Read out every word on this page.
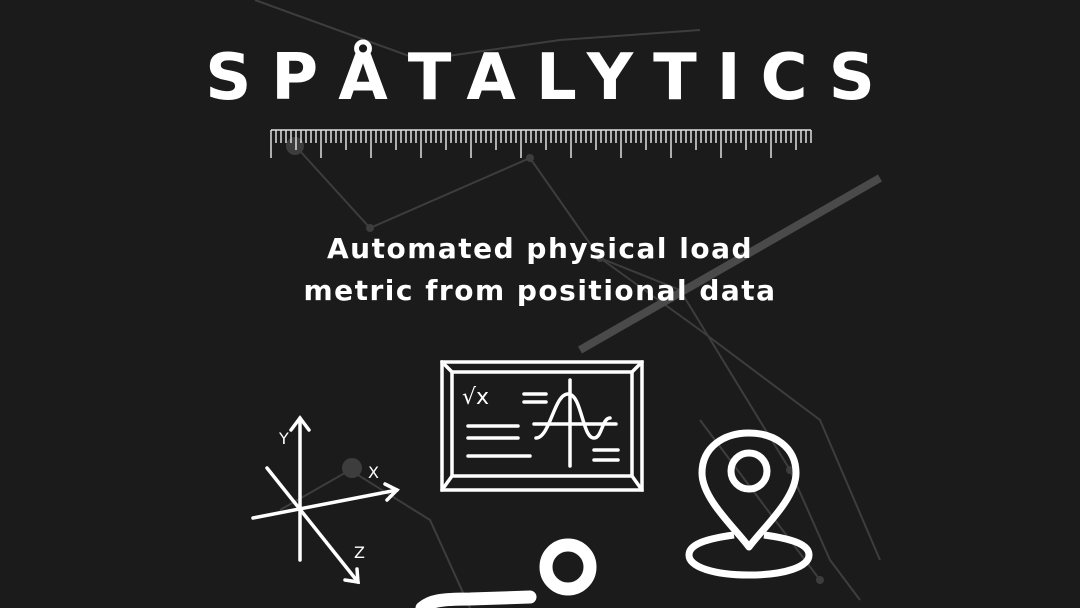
SPÅTALYTICS
Automated physical load
metric from positional data
Y
X
Z
√x
